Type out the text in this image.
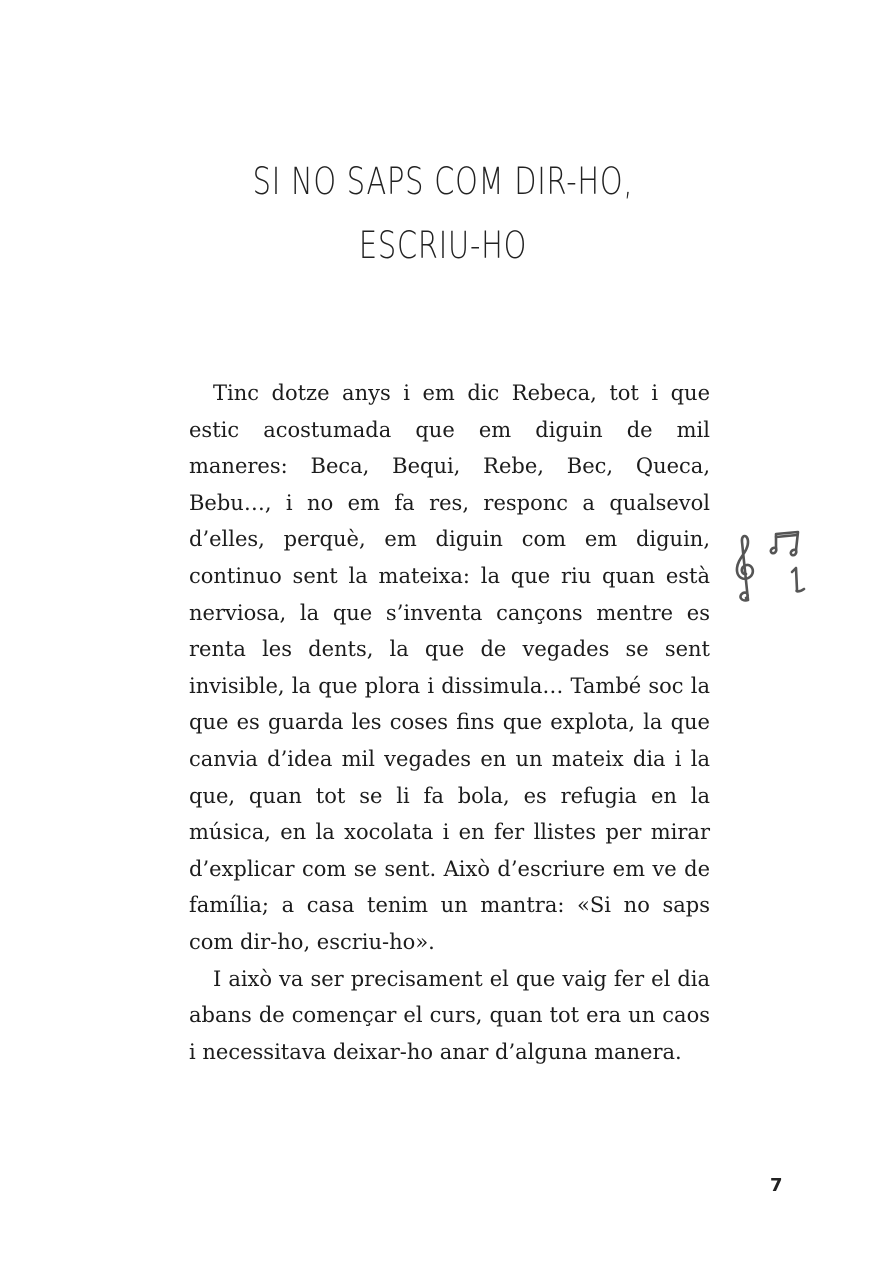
SI NO SAPS COM DIR-HO,
ESCRIU-HO

Tinc dotze anys i em dic Rebeca, tot i que estic acostumada que em diguin de mil maneres: Beca, Bequi, Rebe, Bec, Queca, Bebu…, i no em fa res, responc a qualsevol d’elles, perquè, em diguin com em diguin, continuo sent la mateixa: la que riu quan està nerviosa, la que s’inventa cançons mentre es renta les dents, la que de vegades se sent invisible, la que plora i dissimula… També soc la que es guarda les coses fins que explota, la que canvia d’idea mil vegades en un mateix dia i la que, quan tot se li fa bola, es refugia en la música, en la xocolata i en fer llistes per mirar d’explicar com se sent. Això d’escriure em ve de família; a casa tenim un mantra: «Si no saps com dir-ho, escriu-ho».

I això va ser precisament el que vaig fer el dia abans de començar el curs, quan tot era un caos i necessitava deixar-ho anar d’alguna manera.

7
